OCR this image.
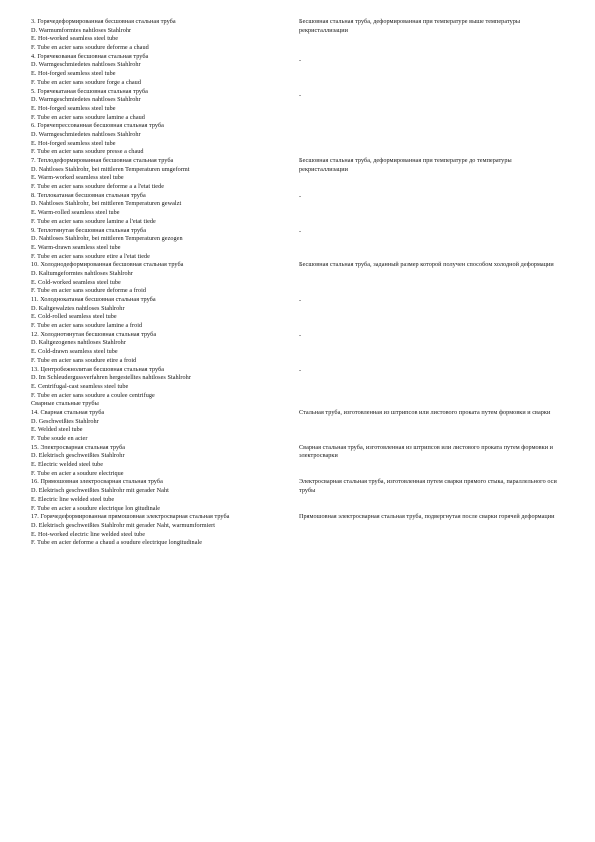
3. Горячедеформированная бесшовная стальная труба
D. Warmumformtes nahtloses Stahlrohr
E. Hot-worked seamless steel tube
F. Tube en acier sans soudure deformе a chaud
Бесшовная стальная труба, деформированная при температуре выше температуры рекристаллизации
4. Горячекованая бесшовная стальная труба
D. Warmgeschmiedetes nahtloses Stahlrohr
E. Hot-forged seamless steel tube
F. Tube en acier sans soudure forge a chaud
-
5. Горячекатаная бесшовная стальная труба
D. Warmgeschmiedetes nahtloses Stahlrohr
E. Hot-forged seamless steel tube
F. Tube en acier sans soudure lamine a chaud
-
6. Горячепрессованная бесшовная стальная труба
D. Warmgeschmiedetes nahtloses Stahlrohr
E. Hot-forged seamless steel tube
F. Tube en acier sans soudure presse a chaud
7. Теплодеформированная бесшовная стальная труба
D. Nahtloses Stahlrohr, bei mittleren Temperaturen umgeformt
E. Warm-worked seamless steel tube
F. Tube en acier sans soudure deforme a a l'etat tiede
Бесшовная стальная труба, деформированная при температуре до температуры рекристаллизации
8. Теплокатаная бесшовная стальная труба
D. Nahtloses Stahlrohr, bei mittleren Temperaturen gewalzt
E. Warm-rolled seamless steel tube
F. Tube en acier sans soudure lamine a l'etat tiede
-
9. Теплотянутая бесшовная стальная труба
D. Nahtloses Stahlrohr, bei mittleren Temperaturen gezogen
E. Warm-drawn seamless steel tube
F. Tube en acier sans soudure etire a l'etat tiede
-
10. Холоднодеформированная бесшовная стальная труба
D. Kaltumgeformtes nahtloses Stahlrohr
E. Cold-worked seamless steel tube
F. Tube en acier sans soudure deforme a froid
Бесшовная стальная труба, заданный размер которой получен способом холодной деформации
11. Холоднокатаная бесшовная стальная труба
D. Kaltgewalztes nahtloses Stahlrohr
E. Cold-rolled seamless steel tube
F. Tube en acier sans soudure lamine a froid
-
12. Холоднотянутая бесшовная стальная труба
D. Kaltgezogenes nahtloses Stahlrohr
E. Cold-drawn seamless steel tube
F. Tube en acier sans soudure etire a froid
-
13. Центробежнолитая бесшовная стальная труба
D. Im Schleudergussverfahren hergestelltes nahtloses Stahlrohr
E. Centrifugal-cast seamless steel tube
F. Tube en acier sans soudure a coulee centrifuge
-
Сварные стальные трубы
14. Сварная стальная труба
D. Geschweißtes Stahlrohr
E. Welded steel tube
F. Tube soude en acier
Стальная труба, изготовленная из штрипсов или листового проката путем формовки и сварки
15. Электросварная стальная труба
D. Elektrisch geschweißtes Stahlrohr
E. Electric welded steel tube
F. Tube en acier a soudure electrique
Сварная стальная труба, изготовленная из штрипсов или листового проката путем формовки и электросварки
16. Прямошовная электросварная стальная труба
D. Elektrisch geschweißtes Stahlrohr mit gerader Naht
E. Electric line welded steel tube
F. Tube en acier a soudure electrique lon gitudinale
Электросварная стальная труба, изготовленная путем сварки прямого стыка, параллельного оси трубы
17. Горячедеформированная прямошовная электросварная стальная труба
D. Elektrisch geschweißtes Stahlrohr mit gerader Naht, warmumformiert
E. Hot-worked electric line welded steel tube
F. Tube en acier deforme a chaud a soudure electrique longitudinale
Прямошовная электросварная стальная труба, подвергнутая после сварки горячей деформации
